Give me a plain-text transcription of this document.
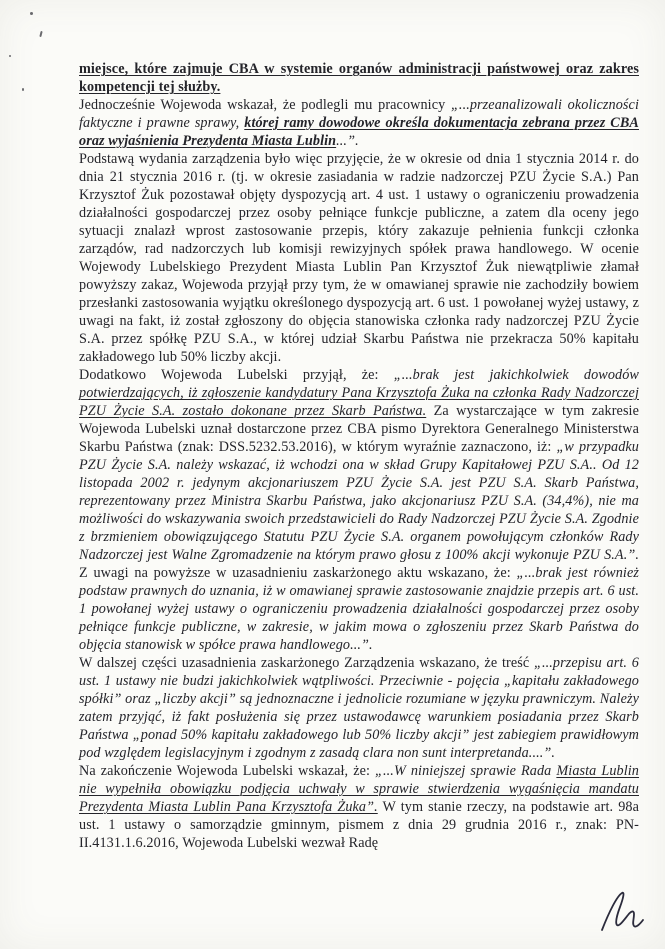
miejsce, które zajmuje CBA w systemie organów administracji państwowej oraz zakres kompetencji tej służby.

Jednocześnie Wojewoda wskazał, że podlegli mu pracownicy „...przeanalizowali okoliczności faktyczne i prawne sprawy, której ramy dowodowe określa dokumentacja zebrana przez CBA oraz wyjaśnienia Prezydenta Miasta Lublin...”.

Podstawą wydania zarządzenia było więc przyjęcie, że w okresie od dnia 1 stycznia 2014 r. do dnia 21 stycznia 2016 r. (tj. w okresie zasiadania w radzie nadzorczej PZU Życie S.A.) Pan Krzysztof Żuk pozostawał objęty dyspozycją art. 4 ust. 1 ustawy o ograniczeniu prowadzenia działalności gospodarczej przez osoby pełniące funkcje publiczne, a zatem dla oceny jego sytuacji znalazł wprost zastosowanie przepis, który zakazuje pełnienia funkcji członka zarządów, rad nadzorczych lub komisji rewizyjnych spółek prawa handlowego. W ocenie Wojewody Lubelskiego Prezydent Miasta Lublin Pan Krzysztof Żuk niewątpliwie złamał powyższy zakaz, Wojewoda przyjął przy tym, że w omawianej sprawie nie zachodziły bowiem przesłanki zastosowania wyjątku określonego dyspozycją art. 6 ust. 1 powołanej wyżej ustawy, z uwagi na fakt, iż został zgłoszony do objęcia stanowiska członka rady nadzorczej PZU Życie S.A. przez spółkę PZU S.A., w której udział Skarbu Państwa nie przekracza 50% kapitału zakładowego lub 50% liczby akcji.

Dodatkowo Wojewoda Lubelski przyjął, że: „...brak jest jakichkolwiek dowodów potwierdzających, iż zgłoszenie kandydatury Pana Krzysztofa Żuka na członka Rady Nadzorczej PZU Życie S.A. zostało dokonane przez Skarb Państwa. Za wystarczające w tym zakresie Wojewoda Lubelski uznał dostarczone przez CBA pismo Dyrektora Generalnego Ministerstwa Skarbu Państwa (znak: DSS.5232.53.2016), w którym wyraźnie zaznaczono, iż: „w przypadku PZU Życie S.A. należy wskazać, iż wchodzi ona w skład Grupy Kapitałowej PZU S.A.. Od 12 listopada 2002 r. jedynym akcjonariuszem PZU Życie S.A. jest PZU S.A. Skarb Państwa, reprezentowany przez Ministra Skarbu Państwa, jako akcjonariusz PZU S.A. (34,4%), nie ma możliwości do wskazywania swoich przedstawicieli do Rady Nadzorczej PZU Życie S.A. Zgodnie z brzmieniem obowiązującego Statutu PZU Życie S.A. organem powołującym członków Rady Nadzorczej jest Walne Zgromadzenie na którym prawo głosu z 100% akcji wykonuje PZU S.A.”. Z uwagi na powyższe w uzasadnieniu zaskarżonego aktu wskazano, że: „...brak jest również podstaw prawnych do uznania, iż w omawianej sprawie zastosowanie znajdzie przepis art. 6 ust. 1 powołanej wyżej ustawy o ograniczeniu prowadzenia działalności gospodarczej przez osoby pełniące funkcje publiczne, w zakresie, w jakim mowa o zgłoszeniu przez Skarb Państwa do objęcia stanowisk w spółce prawa handlowego...”.

W dalszej części uzasadnienia zaskarżonego Zarządzenia wskazano, że treść „...przepisu art. 6 ust. 1 ustawy nie budzi jakichkolwiek wątpliwości. Przeciwnie - pojęcia „kapitału zakładowego spółki” oraz „liczby akcji” są jednoznaczne i jednolicie rozumiane w języku prawniczym. Należy zatem przyjąć, iż fakt posłużenia się przez ustawodawcę warunkiem posiadania przez Skarb Państwa „ponad 50% kapitału zakładowego lub 50% liczby akcji” jest zabiegiem prawidłowym pod względem legislacyjnym i zgodnym z zasadą clara non sunt interpretanda....”.

Na zakończenie Wojewoda Lubelski wskazał, że: „...W niniejszej sprawie Rada Miasta Lublin nie wypełniła obowiązku podjęcia uchwały w sprawie stwierdzenia wygaśnięcia mandatu Prezydenta Miasta Lublin Pana Krzysztofa Żuka”. W tym stanie rzeczy, na podstawie art. 98a ust. 1 ustawy o samorządzie gminnym, pismem z dnia 29 grudnia 2016 r., znak: PN-II.4131.1.6.2016, Wojewoda Lubelski wezwał Radę
